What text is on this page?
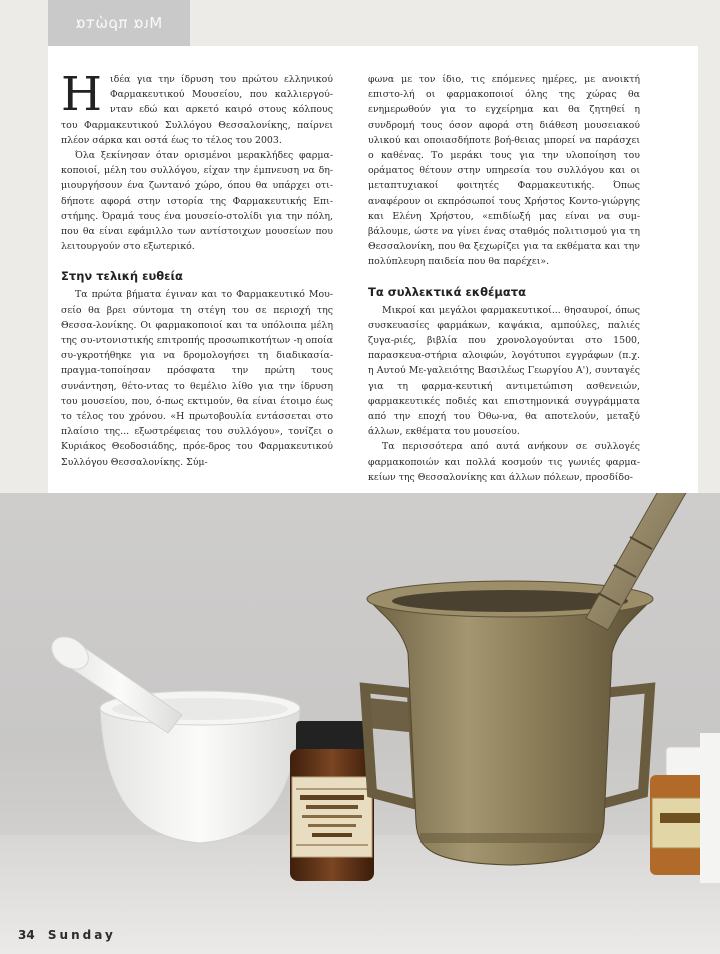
Μια πρώτα

Ηιδέα για την ίδρυση του πρώτου ελληνικού Φαρμακευτικού Μουσείου, που καλλιεργού-νταν εδώ και αρκετό καιρό στους κόλπους του Φαρμακευτικού Συλλόγου Θεσσαλονίκης, παίρνει πλέον σάρκα και οστά έως το τέλος του 2003.

Όλα ξεκίνησαν όταν ορισμένοι μερακλήδες φαρμα-κοποιοί, μέλη του συλλόγου, είχαν την έμπνευση να δη-μιουργήσουν ένα ζωντανό χώρο, όπου θα υπάρχει οτι-δήποτε αφορά στην ιστορία της Φαρμακευτικής Επι-στήμης. Όραμά τους ένα μουσείο-στολίδι για την πόλη, που θα είναι εφάμιλλο των αντίστοιχων μουσείων που λειτουργούν στο εξωτερικό.

Στην τελική ευθεία

Τα πρώτα βήματα έγιναν και το Φαρμακευτικό Μου-σείο θα βρει σύντομα τη στέγη του σε περιοχή της Θεσσα-λονίκης. Οι φαρμακοποιοί και τα υπόλοιπα μέλη της συ-ντονιστικής επιτροπής προσωπικοτήτων -η οποία συ-γκροτήθηκε για να δρομολογήσει τη διαδικασία- πραγμα-τοποίησαν πρόσφατα την πρώτη τους συνάντηση, θέτο-ντας το θεμέλιο λίθο για την ίδρυση του μουσείου, που, ό-πως εκτιμούν, θα είναι έτοιμο έως το τέλος του χρόνου. «Η πρωτοβουλία εντάσσεται στο πλαίσιο της... εξωστρέφειας του συλλόγου», τονίζει ο Κυριάκος Θεοδοσιάδης, πρόε-δρος του Φαρμακευτικού Συλλόγου Θεσσαλονίκης. Σύμ-

φωνα με τον ίδιο, τις επόμενες ημέρες, με ανοικτή επιστο-λή οι φαρμακοποιοί όλης της χώρας θα ενημερωθούν για το εγχείρημα και θα ζητηθεί η συνδρομή τους όσον αφορά στη διάθεση μουσειακού υλικού και οποιασδήποτε βοή-θειας μπορεί να παράσχει ο καθένας. Το μεράκι τους για την υλοποίηση του οράματος θέτουν στην υπηρεσία του συλλόγου και οι μεταπτυχιακοί φοιτητές Φαρμακευτικής. Όπως αναφέρουν οι εκπρόσωποί τους Χρήστος Κοντο-γιώργης και Ελένη Χρήστου, «επιδίωξή μας είναι να συμ-βάλουμε, ώστε να γίνει ένας σταθμός πολιτισμού για τη Θεσσαλονίκη, που θα ξεχωρίζει για τα εκθέματα και την πολύπλευρη παιδεία που θα παρέχει».

Τα συλλεκτικά εκθέματα

Μικροί και μεγάλοι φαρμακευτικοί... θησαυροί, όπως συσκευασίες φαρμάκων, καψάκια, αμπούλες, παλιές ζυγα-ριές, βιβλία που χρονολογούνται στο 1500, παρασκευα-στήρια αλοιφών, λογότυποι εγγράφων (π.χ. η Αυτού Με-γαλειότης Βασιλέως Γεωργίου Α'), συνταγές για τη φαρμα-κευτική αντιμετώπιση ασθενειών, φαρμακευτικές ποδιές και επιστημονικά συγγράμματα από την εποχή του Όθω-να, θα αποτελούν, μεταξύ άλλων, εκθέματα του μουσείου.

Τα περισσότερα από αυτά ανήκουν σε συλλογές φαρμακοποιών και πολλά κοσμούν τις γωνιές φαρμα-κείων της Θεσσαλονίκης και άλλων πόλεων, προσδίδο-

34 Sunday
